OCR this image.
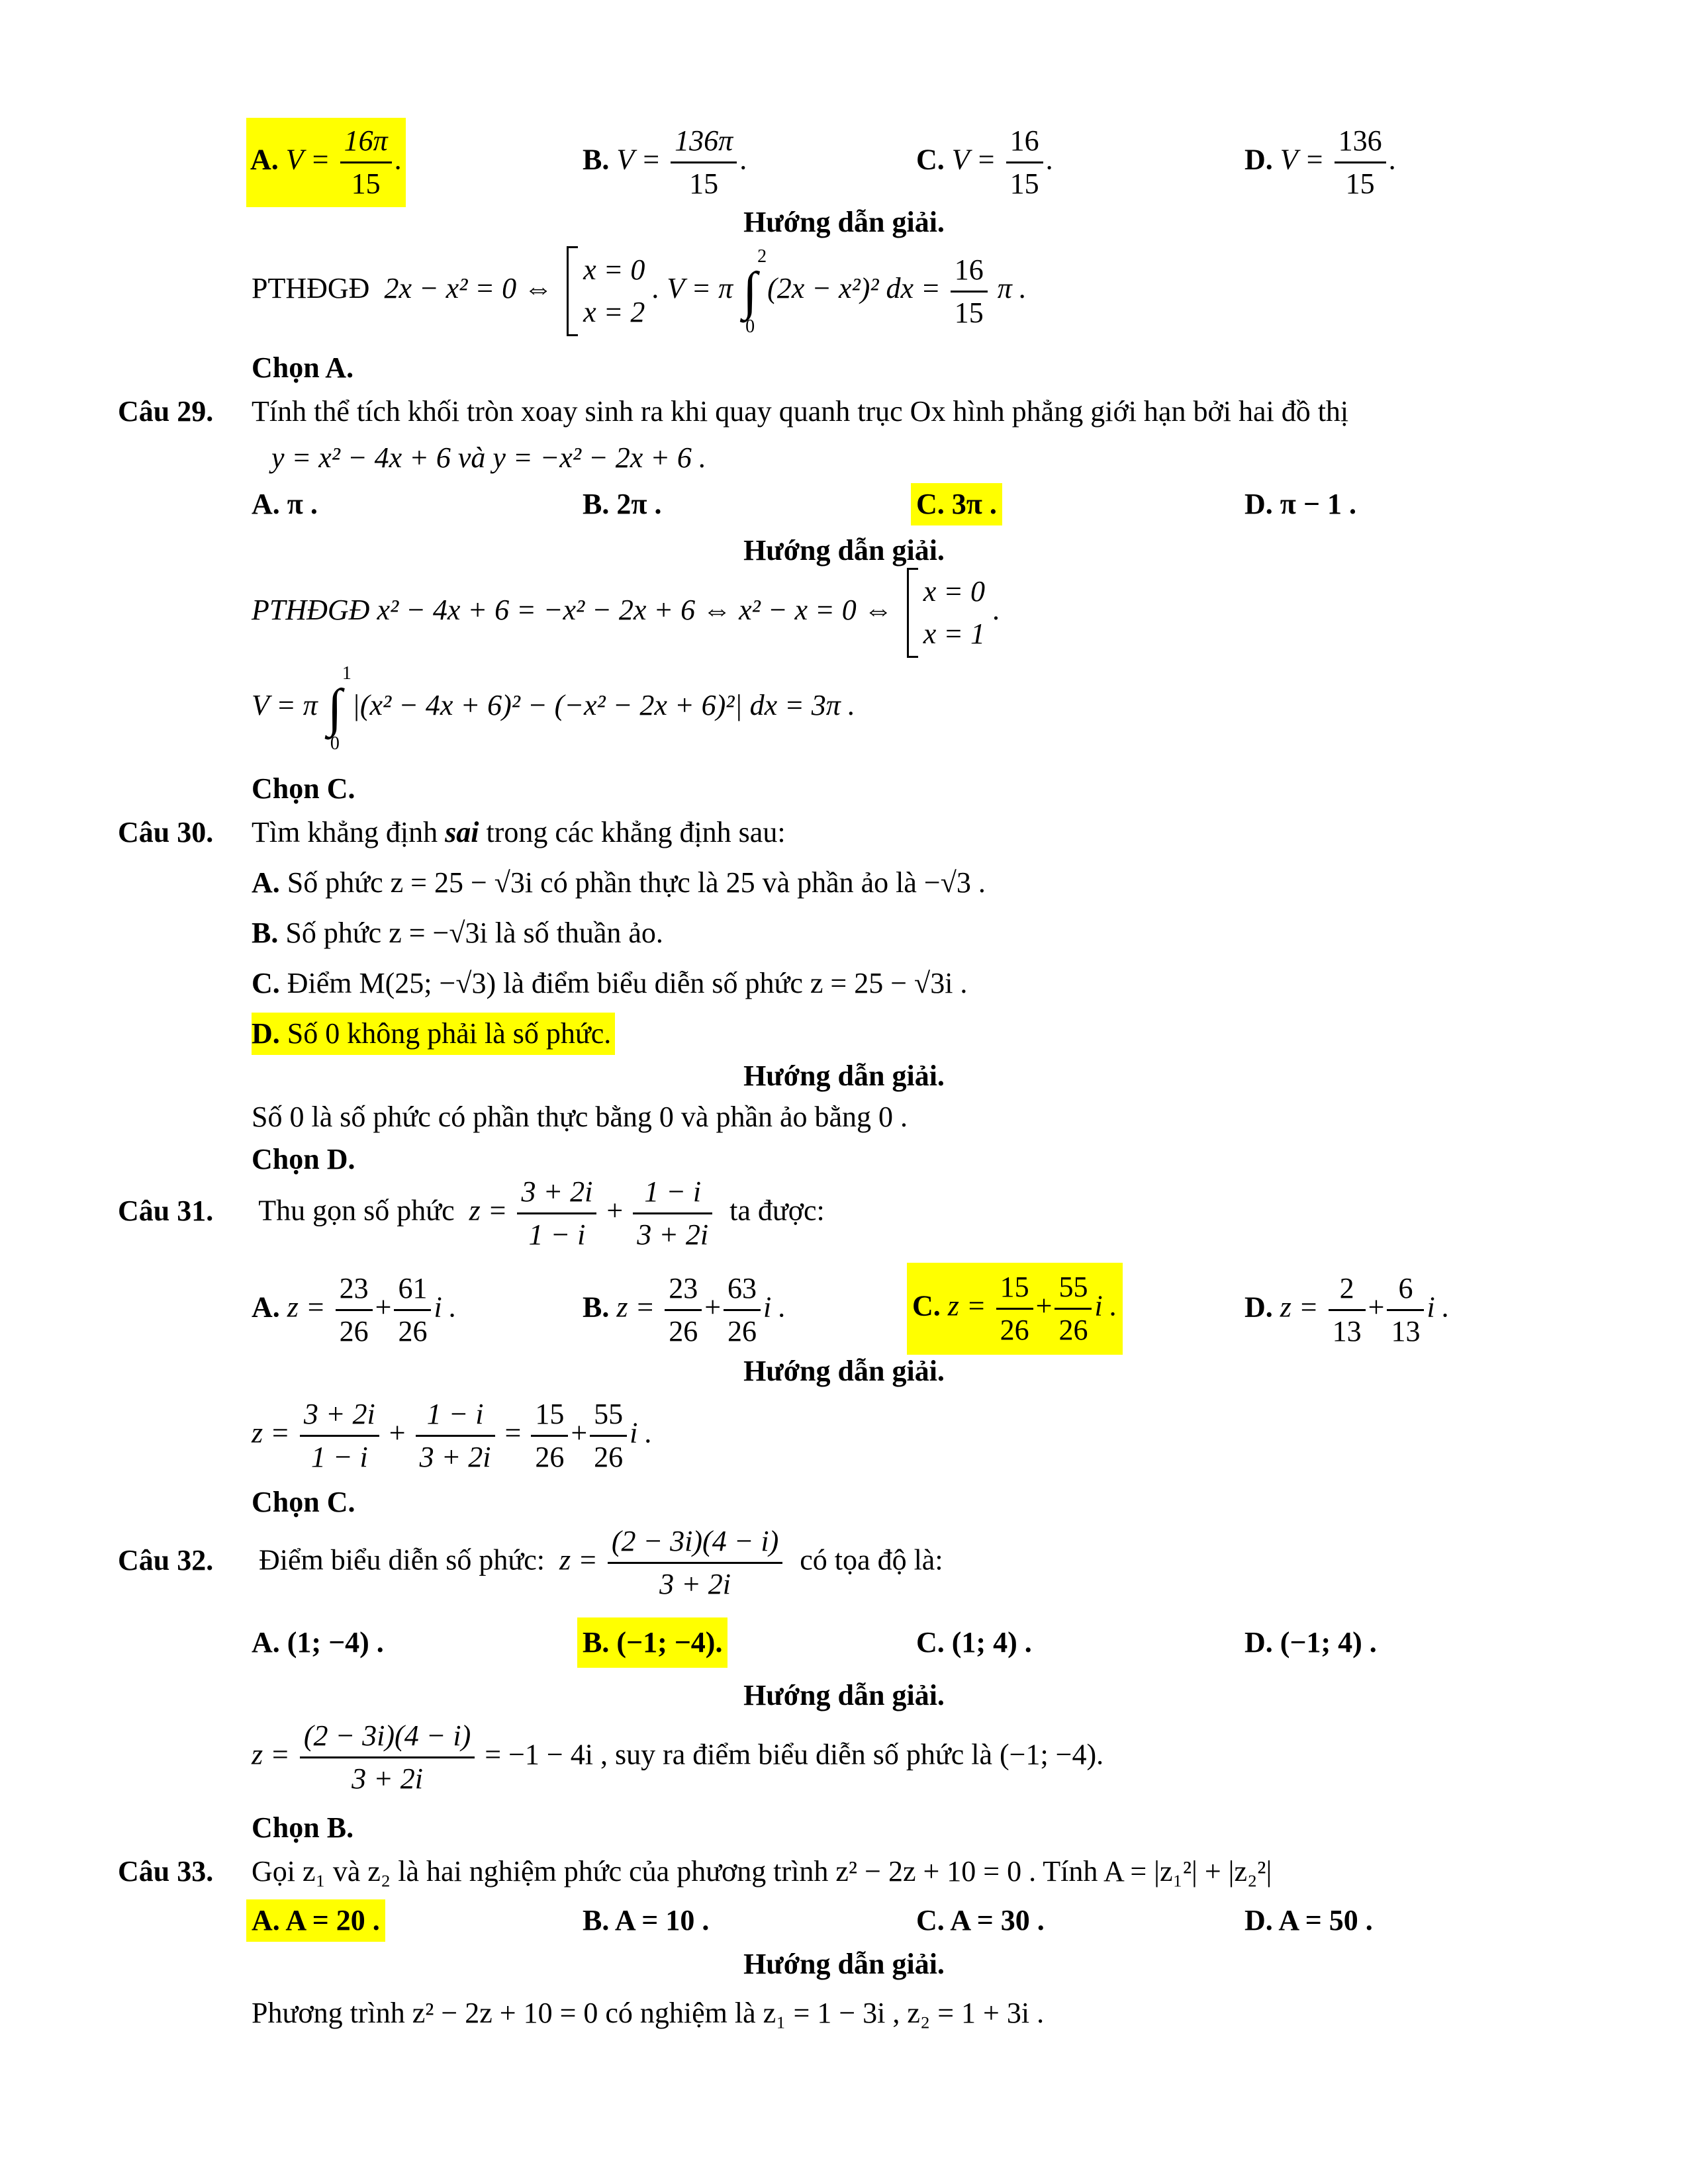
A. $V = \frac{16\pi}{15}$ .	B. $V = \frac{136\pi}{15}$ .	C. $V = \frac{16}{15}$ .	D. $V = \frac{136}{15}$ .
Hướng dẫn giải.
PTHĐGĐ 2x − x² = 0 ⇔
x = 0
x = 2
. V = π ∫
2
0
(2x − x²)² dx = $\frac{16}{15}$ π .
Chọn A.
Câu 29. Tính thể tích khối tròn xoay sinh ra khi quay quanh trục Ox hình phẳng giới hạn bởi hai đồ thị
y = x² − 4x + 6 và y = −x² − 2x + 6 .
A. π .	B. 2π .	C. 3π .	D. π − 1 .
Hướng dẫn giải.
PTHĐGĐ x² − 4x + 6 = −x² − 2x + 6 ⇔ x² − x = 0 ⇔
x = 0
x = 1
.
V = π ∫
1
0
|(x² − 4x + 6)² − (−x² − 2x + 6)²| dx = 3π .
Chọn C.
Câu 30. Tìm khẳng định sai trong các khẳng định sau:
A. Số phức z = 25 − √3i có phần thực là 25 và phần ảo là −√3 .
B. Số phức z = −√3i là số thuần ảo.
C. Điểm M(25; −√3) là điểm biểu diễn số phức z = 25 − √3i .
D. Số 0 không phải là số phức.
Hướng dẫn giải.
Số 0 là số phức có phần thực bằng 0 và phần ảo bằng 0 .
Chọn D.
Câu 31. Thu gọn số phức $z = \frac{3 + 2i}{1 - i} + \frac{1 - i}{3 + 2i}$ ta được:
A. $z = \frac{23}{26} + \frac{61}{26}$ i .	B. $z = \frac{23}{26} + \frac{63}{26}$ i .	C. $z = \frac{15}{26} + \frac{55}{26}$ i .	D. $z = \frac{2}{13} + \frac{6}{13}$ i .
Hướng dẫn giải.
$z = \frac{3 + 2i}{1 - i} + \frac{1 - i}{3 + 2i} = \frac{15}{26} + \frac{55}{26}$ i .
Chọn C.
Câu 32. Điểm biểu diễn số phức: $z = \frac{(2 - 3i)(4 - i)}{3 + 2i}$ có tọa độ là:
A. (1; −4) .	B. (−1; −4).	C. (1; 4) .	D. (−1; 4) .
Hướng dẫn giải.
$z = \frac{(2 - 3i)(4 - i)}{3 + 2i} = -1 - 4i$ , suy ra điểm biểu diễn số phức là (−1; −4).
Chọn B.
Câu 33. Gọi z₁ và z₂ là hai nghiệm phức của phương trình z² − 2z + 10 = 0 . Tính A = |z₁²| + |z₂²|
A. A = 20 .	B. A = 10 .	C. A = 30 .	D. A = 50 .
Hướng dẫn giải.
Phương trình z² − 2z + 10 = 0 có nghiệm là z₁ = 1 − 3i , z₂ = 1 + 3i .
